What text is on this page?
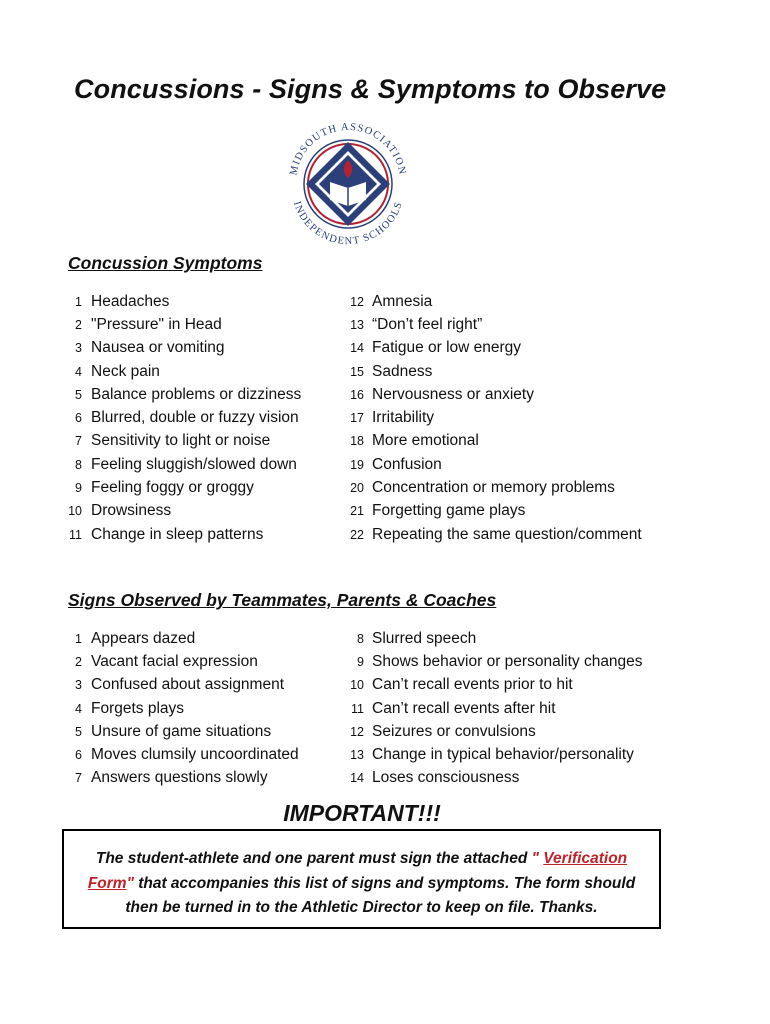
Concussions - Signs & Symptoms to Observe
MIDSOUTH ASSOCIATION
INDEPENDENT SCHOOLS
Concussion Symptoms
1 Headaches
2 "Pressure" in Head
3 Nausea or vomiting
4 Neck pain
5 Balance problems or dizziness
6 Blurred, double or fuzzy vision
7 Sensitivity to light or noise
8 Feeling sluggish/slowed down
9 Feeling foggy or groggy
10 Drowsiness
11 Change in sleep patterns
12 Amnesia
13 “Don’t feel right”
14 Fatigue or low energy
15 Sadness
16 Nervousness or anxiety
17 Irritability
18 More emotional
19 Confusion
20 Concentration or memory problems
21 Forgetting game plays
22 Repeating the same question/comment
Signs Observed by Teammates, Parents & Coaches
1 Appears dazed
2 Vacant facial expression
3 Confused about assignment
4 Forgets plays
5 Unsure of game situations
6 Moves clumsily uncoordinated
7 Answers questions slowly
8 Slurred speech
9 Shows behavior or personality changes
10 Can’t recall events prior to hit
11 Can’t recall events after hit
12 Seizures or convulsions
13 Change in typical behavior/personality
14 Loses consciousness
IMPORTANT!!!
The student-athlete and one parent must sign the attached " Verification
Form" that accompanies this list of signs and symptoms. The form should then be turned in to the Athletic Director to keep on file. Thanks.
